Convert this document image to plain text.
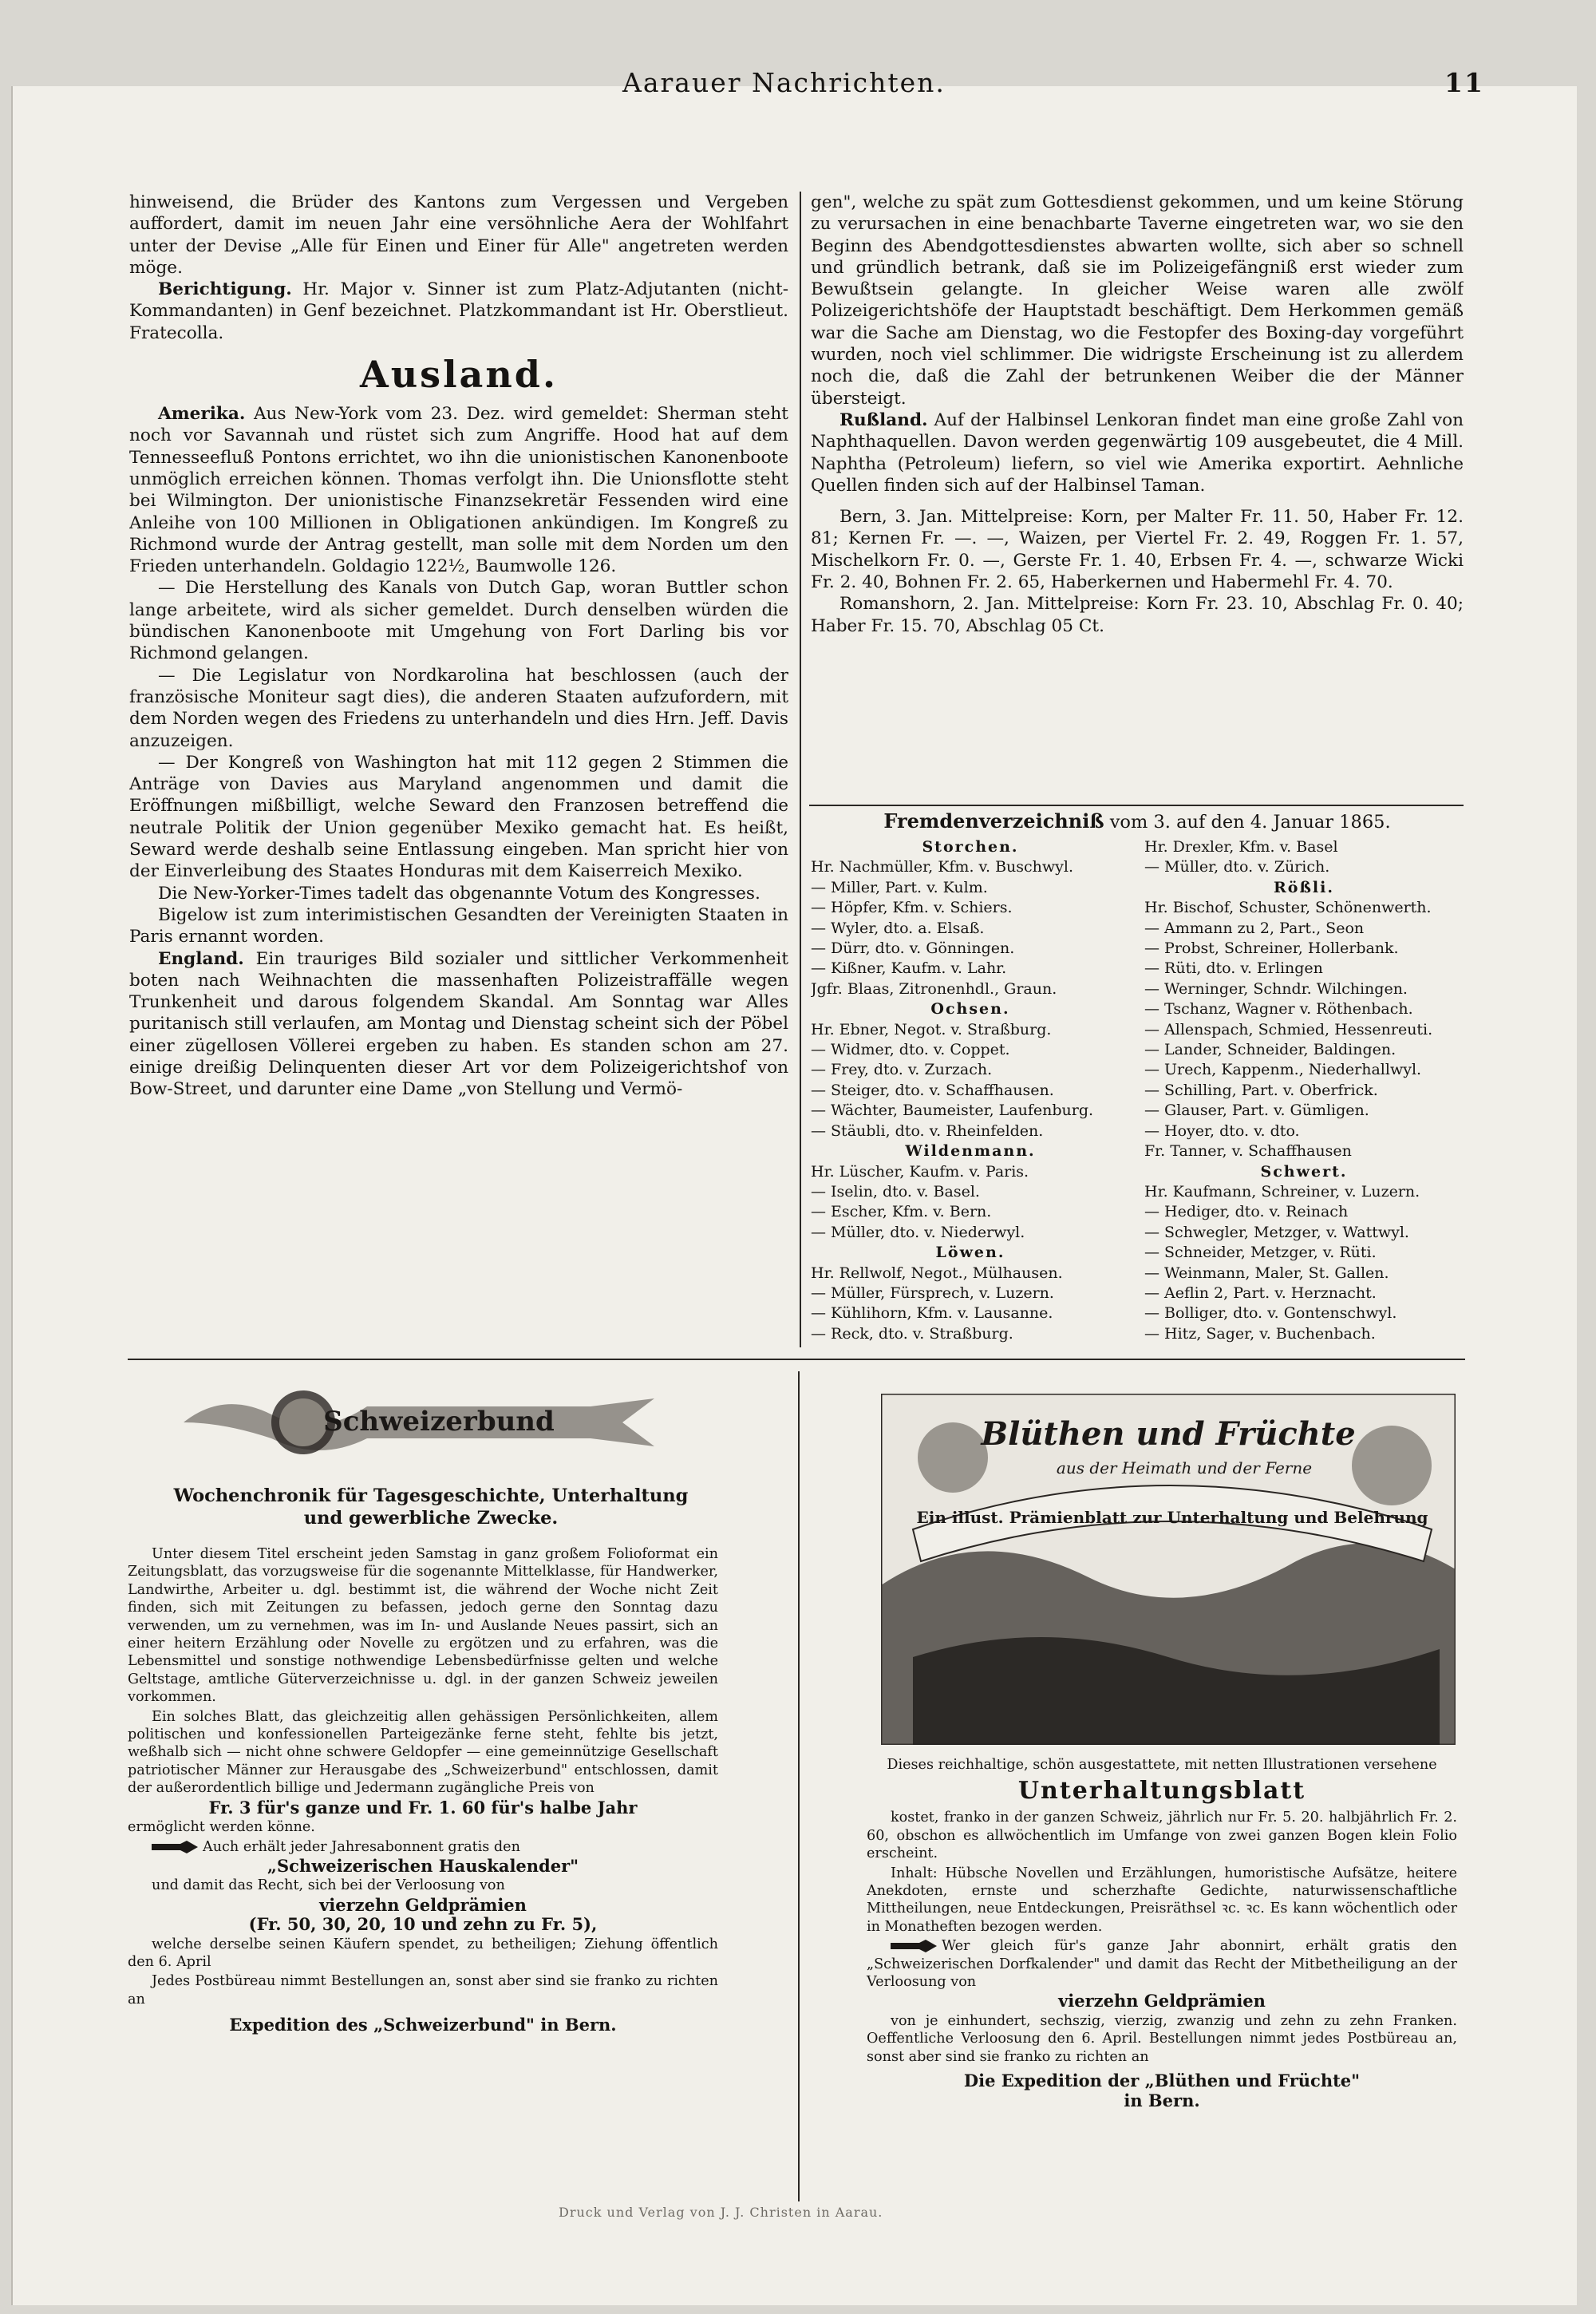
Aarauer Nachrichten.	11

hinweisend, die Brüder des Kantons zum Vergessen und Vergeben auffordert, damit im neuen Jahr eine versöhnliche Aera der Wohlfahrt unter der Devise „Alle für Einen und Einer für Alle" angetreten werden möge.

Berichtigung. Hr. Major v. Sinner ist zum Platz-Adjutanten (nicht-Kommandanten) in Genf bezeichnet. Platzkommandant ist Hr. Oberstlieut. Fratecolla.

Ausland.

Amerika. Aus New-York vom 23. Dez. wird gemeldet: Sherman steht noch vor Savannah und rüstet sich zum Angriffe. Hood hat auf dem Tennesseefluß Pontons errichtet, wo ihn die unionistischen Kanonenboote unmöglich erreichen können. Thomas verfolgt ihn. Die Unionsflotte steht bei Wilmington. Der unionistische Finanzsekretär Fessenden wird eine Anleihe von 100 Millionen in Obligationen ankündigen. Im Kongreß zu Richmond wurde der Antrag gestellt, man solle mit dem Norden um den Frieden unterhandeln. Goldagio 122½, Baumwolle 126.

— Die Herstellung des Kanals von Dutch Gap, woran Buttler schon lange arbeitete, wird als sicher gemeldet. Durch denselben würden die bündischen Kanonenboote mit Umgehung von Fort Darling bis vor Richmond gelangen.

— Die Legislatur von Nordkarolina hat beschlossen (auch der französische Moniteur sagt dies), die anderen Staaten aufzufordern, mit dem Norden wegen des Friedens zu unterhandeln und dies Hrn. Jeff. Davis anzuzeigen.

— Der Kongreß von Washington hat mit 112 gegen 2 Stimmen die Anträge von Davies aus Maryland angenommen und damit die Eröffnungen mißbilligt, welche Seward den Franzosen betreffend die neutrale Politik der Union gegenüber Mexiko gemacht hat. Es heißt, Seward werde deshalb seine Entlassung eingeben. Man spricht hier von der Einverleibung des Staates Honduras mit dem Kaiserreich Mexiko.

Die New-Yorker-Times tadelt das obgenannte Votum des Kongresses.

Bigelow ist zum interimistischen Gesandten der Vereinigten Staaten in Paris ernannt worden.

England. Ein trauriges Bild sozialer und sittlicher Verkommenheit boten nach Weihnachten die massenhaften Polizeistraffälle wegen Trunkenheit und darous folgendem Skandal. Am Sonntag war Alles puritanisch still verlaufen, am Montag und Dienstag scheint sich der Pöbel einer zügellosen Völlerei ergeben zu haben. Es standen schon am 27. einige dreißig Delinquenten dieser Art vor dem Polizeigerichtshof von Bow-Street, und darunter eine Dame „von Stellung und Vermö-

gen", welche zu spät zum Gottesdienst gekommen, und um keine Störung zu verursachen in eine benachbarte Taverne eingetreten war, wo sie den Beginn des Abendgottesdienstes abwarten wollte, sich aber so schnell und gründlich betrank, daß sie im Polizeigefängniß erst wieder zum Bewußtsein gelangte. In gleicher Weise waren alle zwölf Polizeigerichtshöfe der Hauptstadt beschäftigt. Dem Herkommen gemäß war die Sache am Dienstag, wo die Festopfer des Boxing-day vorgeführt wurden, noch viel schlimmer. Die widrigste Erscheinung ist zu allerdem noch die, daß die Zahl der betrunkenen Weiber die der Männer übersteigt.

Rußland. Auf der Halbinsel Lenkoran findet man eine große Zahl von Naphthaquellen. Davon werden gegenwärtig 109 ausgebeutet, die 4 Mill. Naphtha (Petroleum) liefern, so viel wie Amerika exportirt. Aehnliche Quellen finden sich auf der Halbinsel Taman.

Bern, 3. Jan. Mittelpreise: Korn, per Malter Fr. 11. 50, Haber Fr. 12. 81; Kernen Fr. —. —, Waizen, per Viertel Fr. 2. 49, Roggen Fr. 1. 57, Mischelkorn Fr. 0. —, Gerste Fr. 1. 40, Erbsen Fr. 4. —, schwarze Wicki Fr. 2. 40, Bohnen Fr. 2. 65, Haberkernen und Habermehl Fr. 4. 70.

Romanshorn, 2. Jan. Mittelpreise: Korn Fr. 23. 10, Abschlag Fr. 0. 40; Haber Fr. 15. 70, Abschlag 05 Ct.

Fremdenverzeichniß vom 3. auf den 4. Januar 1865.
Storchen.
Hr. Nachmüller, Kfm. v. Buschwyl.
— Miller, Part. v. Kulm.
— Höpfer, Kfm. v. Schiers.
— Wyler, dto. a. Elsaß.
— Dürr, dto. v. Gönningen.
— Kißner, Kaufm. v. Lahr.
Jgfr. Blaas, Zitronenhdl., Graun.
Ochsen.
Hr. Ebner, Negot. v. Straßburg.
— Widmer, dto. v. Coppet.
— Frey, dto. v. Zurzach.
— Steiger, dto. v. Schaffhausen.
— Wächter, Baumeister, Laufenburg.
— Stäubli, dto. v. Rheinfelden.
Wildenmann.
Hr. Lüscher, Kaufm. v. Paris.
— Iselin, dto. v. Basel.
— Escher, Kfm. v. Bern.
— Müller, dto. v. Niederwyl.
Löwen.
Hr. Rellwolf, Negot., Mülhausen.
— Müller, Fürsprech, v. Luzern.
— Kühlihorn, Kfm. v. Lausanne.
— Reck, dto. v. Straßburg.
Hr. Drexler, Kfm. v. Basel
— Müller, dto. v. Zürich.
Rößli.
Hr. Bischof, Schuster, Schönenwerth.
— Ammann zu 2, Part., Seon
— Probst, Schreiner, Hollerbank.
— Rüti, dto. v. Erlingen
— Werninger, Schndr. Wilchingen.
— Tschanz, Wagner v. Röthenbach.
— Allenspach, Schmied, Hessenreuti.
— Lander, Schneider, Baldingen.
— Urech, Kappenm., Niederhallwyl.
— Schilling, Part. v. Oberfrick.
— Glauser, Part. v. Gümligen.
— Hoyer, dto. v. dto.
Fr. Tanner, v. Schaffhausen
Schwert.
Hr. Kaufmann, Schreiner, v. Luzern.
— Hediger, dto. v. Reinach
— Schwegler, Metzger, v. Wattwyl.
— Schneider, Metzger, v. Rüti.
— Weinmann, Maler, St. Gallen.
— Aeflin 2, Part. v. Herznacht.
— Bolliger, dto. v. Gontenschwyl.
— Hitz, Sager, v. Buchenbach.
Schweizerbund
Wochenchronik für Tagesgeschichte, Unterhaltung
und gewerbliche Zwecke.

Unter diesem Titel erscheint jeden Samstag in ganz großem Folioformat ein Zeitungsblatt, das vorzugsweise für die sogenannte Mittelklasse, für Handwerker, Landwirthe, Arbeiter u. dgl. bestimmt ist, die während der Woche nicht Zeit finden, sich mit Zeitungen zu befassen, jedoch gerne den Sonntag dazu verwenden, um zu vernehmen, was im In- und Auslande Neues passirt, sich an einer heitern Erzählung oder Novelle zu ergötzen und zu erfahren, was die Lebensmittel und sonstige nothwendige Lebensbedürfnisse gelten und welche Geltstage, amtliche Güterverzeichnisse u. dgl. in der ganzen Schweiz jeweilen vorkommen.

Ein solches Blatt, das gleichzeitig allen gehässigen Persönlichkeiten, allem politischen und konfessionellen Parteigezänke ferne steht, fehlte bis jetzt, weßhalb sich — nicht ohne schwere Geldopfer — eine gemeinnützige Gesellschaft patriotischer Männer zur Herausgabe des „Schweizerbund" entschlossen, damit der außerordentlich billige und Jedermann zugängliche Preis von

Fr. 3 für's ganze und Fr. 1. 60 für's halbe Jahr

ermöglicht werden könne.

Auch erhält jeder Jahresabonnent gratis den

„Schweizerischen Hauskalender"

und damit das Recht, sich bei der Verloosung von

vierzehn Geldprämien

(Fr. 50, 30, 20, 10 und zehn zu Fr. 5),

welche derselbe seinen Käufern spendet, zu betheiligen; Ziehung öffentlich den 6. April

Jedes Postbüreau nimmt Bestellungen an, sonst aber sind sie franko zu richten an

Expedition des „Schweizerbund" in Bern.

Blüthen und Früchte
aus der Heimath und der Ferne
Ein illust. Prämienblatt zur Unterhaltung und Belehrung

Dieses reichhaltige, schön ausgestattete, mit netten Illustrationen versehene

Unterhaltungsblatt

kostet, franko in der ganzen Schweiz, jährlich nur Fr. 5. 20. halbjährlich Fr. 2. 60, obschon es allwöchentlich im Umfange von zwei ganzen Bogen klein Folio erscheint.

Inhalt: Hübsche Novellen und Erzählungen, humoristische Aufsätze, heitere Anekdoten, ernste und scherzhafte Gedichte, naturwissenschaftliche Mittheilungen, neue Entdeckungen, Preisräthsel ꝛc. ꝛc. Es kann wöchentlich oder in Monatheften bezogen werden.

Wer gleich für's ganze Jahr abonnirt, erhält gratis den „Schweizerischen Dorfkalender" und damit das Recht der Mitbetheiligung an der Verloosung von

vierzehn Geldprämien

von je einhundert, sechszig, vierzig, zwanzig und zehn zu zehn Franken. Oeffentliche Verloosung den 6. April. Bestellungen nimmt jedes Postbüreau an, sonst aber sind sie franko zu richten an

Die Expedition der „Blüthen und Früchte"

in Bern.

Druck und Verlag von J. J. Christen in Aarau.
